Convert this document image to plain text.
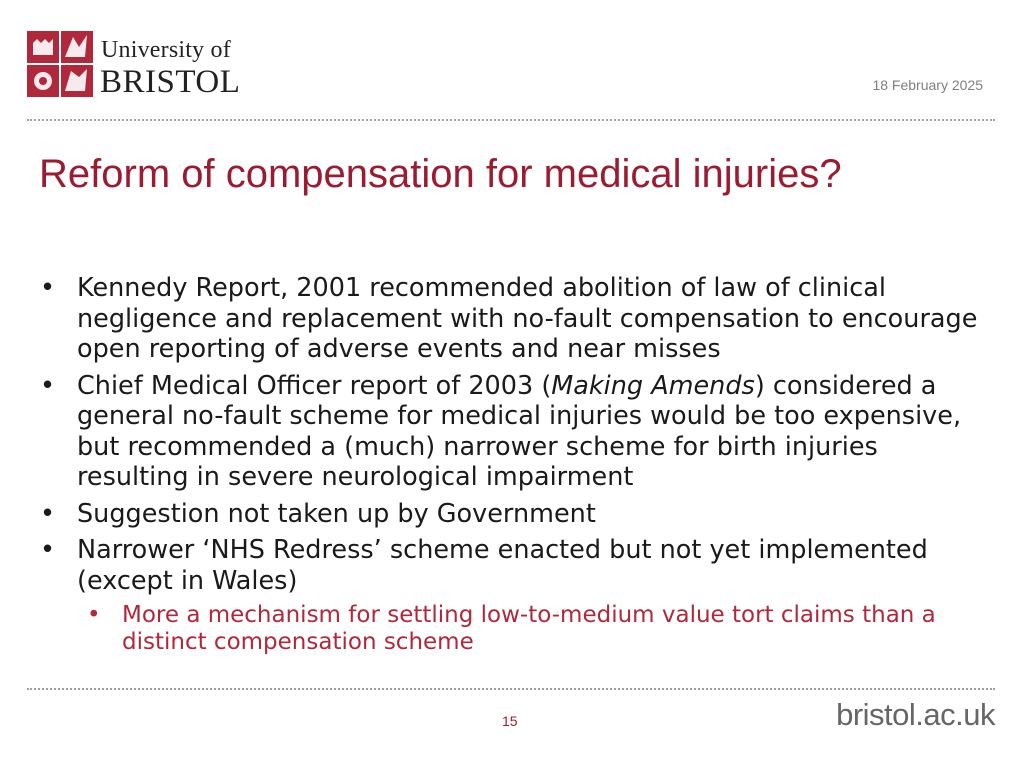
University of
BRISTOL	18 February 2025
Reform of compensation for medical injuries?
• Kennedy Report, 2001 recommended abolition of law of clinical negligence and replacement with no-fault compensation to encourage open reporting of adverse events and near misses
• Chief Medical Officer report of 2003 (Making Amends) considered a general no-fault scheme for medical injuries would be too expensive, but recommended a (much) narrower scheme for birth injuries resulting in severe neurological impairment
• Suggestion not taken up by Government
• Narrower ‘NHS Redress’ scheme enacted but not yet implemented (except in Wales)
• More a mechanism for settling low-to-medium value tort claims than a distinct compensation scheme
15	bristol.ac.uk
